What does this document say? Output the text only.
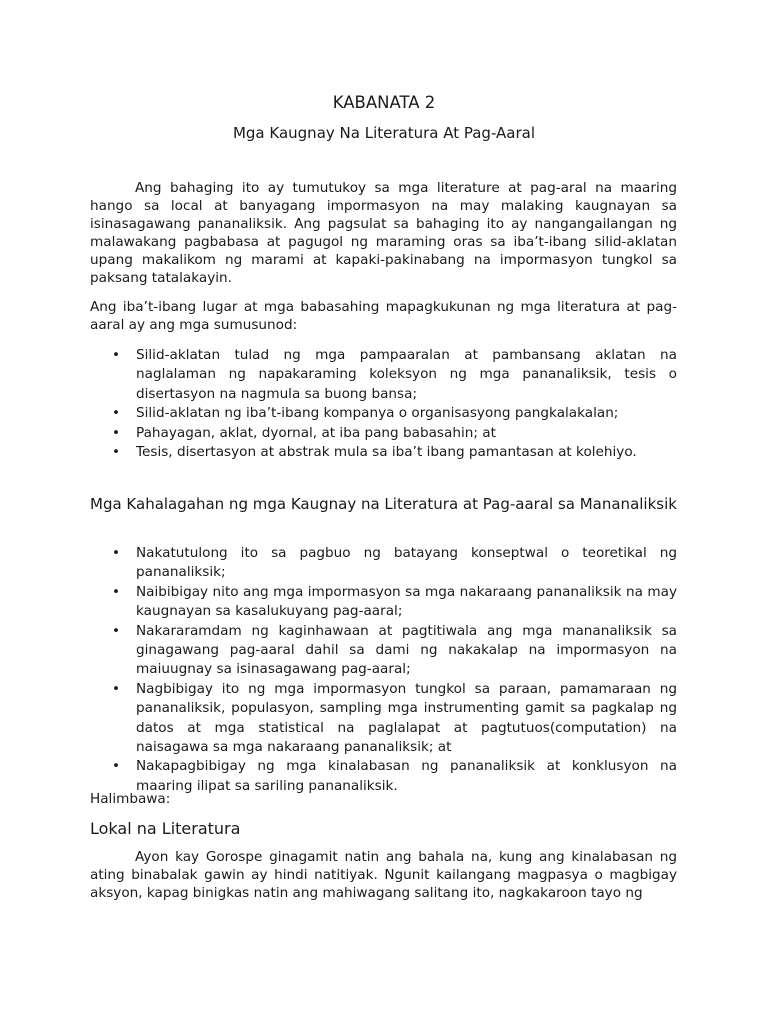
KABANATA 2
Mga Kaugnay Na Literatura At Pag-Aaral

Ang bahaging ito ay tumutukoy sa mga literature at pag-aral na maaring hango sa local at banyagang impormasyon na may malaking kaugnayan sa isinasagawang pananaliksik. Ang pagsulat sa bahaging ito ay nangangailangan ng malawakang pagbabasa at pagugol ng maraming oras sa iba’t-ibang silid-aklatan upang makalikom ng marami at kapaki-pakinabang na impormasyon tungkol sa paksang tatalakayin.

Ang iba’t-ibang lugar at mga babasahing mapagkukunan ng mga literatura at pag-aaral ay ang mga sumusunod:

• Silid-aklatan tulad ng mga pampaaralan at pambansang aklatan na naglalaman ng napakaraming koleksyon ng mga pananaliksik, tesis o disertasyon na nagmula sa buong bansa;
• Silid-aklatan ng iba’t-ibang kompanya o organisasyong pangkalakalan;
• Pahayagan, aklat, dyornal, at iba pang babasahin; at
• Tesis, disertasyon at abstrak mula sa iba’t ibang pamantasan at kolehiyo.
Mga Kahalagahan ng mga Kaugnay na Literatura at Pag-aaral sa Mananaliksik
• Nakatutulong ito sa pagbuo ng batayang konseptwal o teoretikal ng pananaliksik;
• Naibibigay nito ang mga impormasyon sa mga nakaraang pananaliksik na may kaugnayan sa kasalukuyang pag-aaral;
• Nakararamdam ng kaginhawaan at pagtitiwala ang mga mananaliksik sa ginagawang pag-aaral dahil sa dami ng nakakalap na impormasyon na maiuugnay sa isinasagawang pag-aaral;
• Nagbibigay ito ng mga impormasyon tungkol sa paraan, pamamaraan ng pananaliksik, populasyon, sampling mga instrumenting gamit sa pagkalap ng datos at mga statistical na paglalapat at pagtutuos(computation) na naisagawa sa mga nakaraang pananaliksik; at
• Nakapagbibigay ng mga kinalabasan ng pananaliksik at konklusyon na maaring ilipat sa sariling pananaliksik.

Halimbawa:

Lokal na Literatura

Ayon kay Gorospe ginagamit natin ang bahala na, kung ang kinalabasan ng ating binabalak gawin ay hindi natitiyak. Ngunit kailangang magpasya o magbigay aksyon, kapag binigkas natin ang mahiwagang salitang ito, nagkakaroon tayo ng
